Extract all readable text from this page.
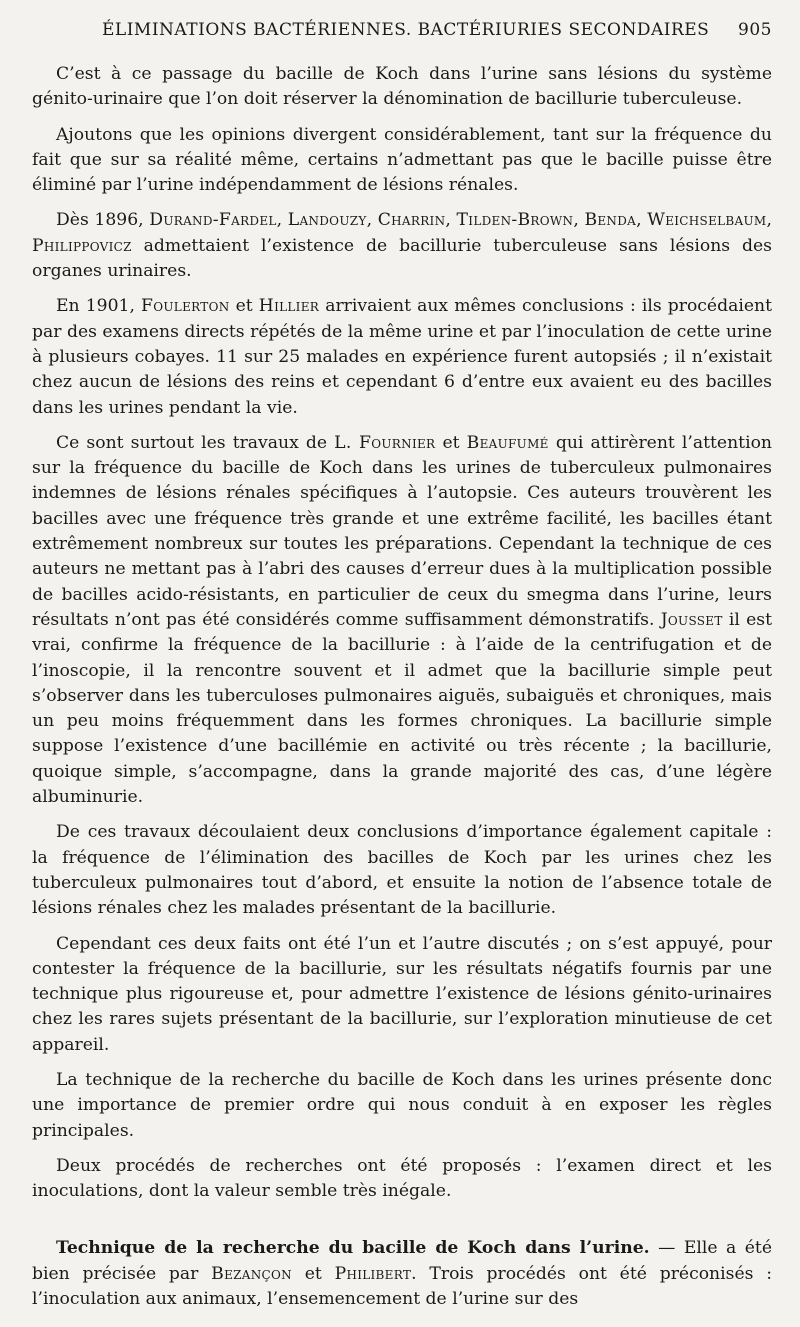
ÉLIMINATIONS BACTÉRIENNES. BACTÉRIURIES SECONDAIRES 905

C’est à ce passage du bacille de Koch dans l’urine sans lésions du système génito-urinaire que l’on doit réserver la dénomination de bacillurie tuberculeuse.

Ajoutons que les opinions divergent considérablement, tant sur la fréquence du fait que sur sa réalité même, certains n’admettant pas que le bacille puisse être éliminé par l’urine indépendamment de lésions rénales.

Dès 1896, Durand-Fardel, Landouzy, Charrin, Tilden-Brown, Benda, Weichselbaum, Philippovicz admettaient l’existence de bacillurie tuberculeuse sans lésions des organes urinaires.

En 1901, Foulerton et Hillier arrivaient aux mêmes conclusions : ils procédaient par des examens directs répétés de la même urine et par l’inoculation de cette urine à plusieurs cobayes. 11 sur 25 malades en expérience furent autopsiés ; il n’existait chez aucun de lésions des reins et cependant 6 d’entre eux avaient eu des bacilles dans les urines pendant la vie.

Ce sont surtout les travaux de L. Fournier et Beaufumé qui attirèrent l’attention sur la fréquence du bacille de Koch dans les urines de tuberculeux pulmonaires indemnes de lésions rénales spécifiques à l’autopsie. Ces auteurs trouvèrent les bacilles avec une fréquence très grande et une extrême facilité, les bacilles étant extrêmement nombreux sur toutes les préparations. Cependant la technique de ces auteurs ne mettant pas à l’abri des causes d’erreur dues à la multiplication possible de bacilles acido-résistants, en particulier de ceux du smegma dans l’urine, leurs résultats n’ont pas été considérés comme suffisamment démonstratifs. Jousset il est vrai, confirme la fréquence de la bacillurie : à l’aide de la centrifugation et de l’inoscopie, il la rencontre souvent et il admet que la bacillurie simple peut s’observer dans les tuberculoses pulmonaires aiguës, subaiguës et chroniques, mais un peu moins fréquemment dans les formes chroniques. La bacillurie simple suppose l’existence d’une bacillémie en activité ou très récente ; la bacillurie, quoique simple, s’accompagne, dans la grande majorité des cas, d’une légère albuminurie.

De ces travaux découlaient deux conclusions d’importance également capitale : la fréquence de l’élimination des bacilles de Koch par les urines chez les tuberculeux pulmonaires tout d’abord, et ensuite la notion de l’absence totale de lésions rénales chez les malades présentant de la bacillurie.

Cependant ces deux faits ont été l’un et l’autre discutés ; on s’est appuyé, pour contester la fréquence de la bacillurie, sur les résultats négatifs fournis par une technique plus rigoureuse et, pour admettre l’existence de lésions génito-urinaires chez les rares sujets présentant de la bacillurie, sur l’exploration minutieuse de cet appareil.

La technique de la recherche du bacille de Koch dans les urines présente donc une importance de premier ordre qui nous conduit à en exposer les règles principales.

Deux procédés de recherches ont été proposés : l’examen direct et les inoculations, dont la valeur semble très inégale.

Technique de la recherche du bacille de Koch dans l’urine. — Elle a été bien précisée par Bezançon et Philibert. Trois procédés ont été préconisés : l’inoculation aux animaux, l’ensemencement de l’urine sur des
